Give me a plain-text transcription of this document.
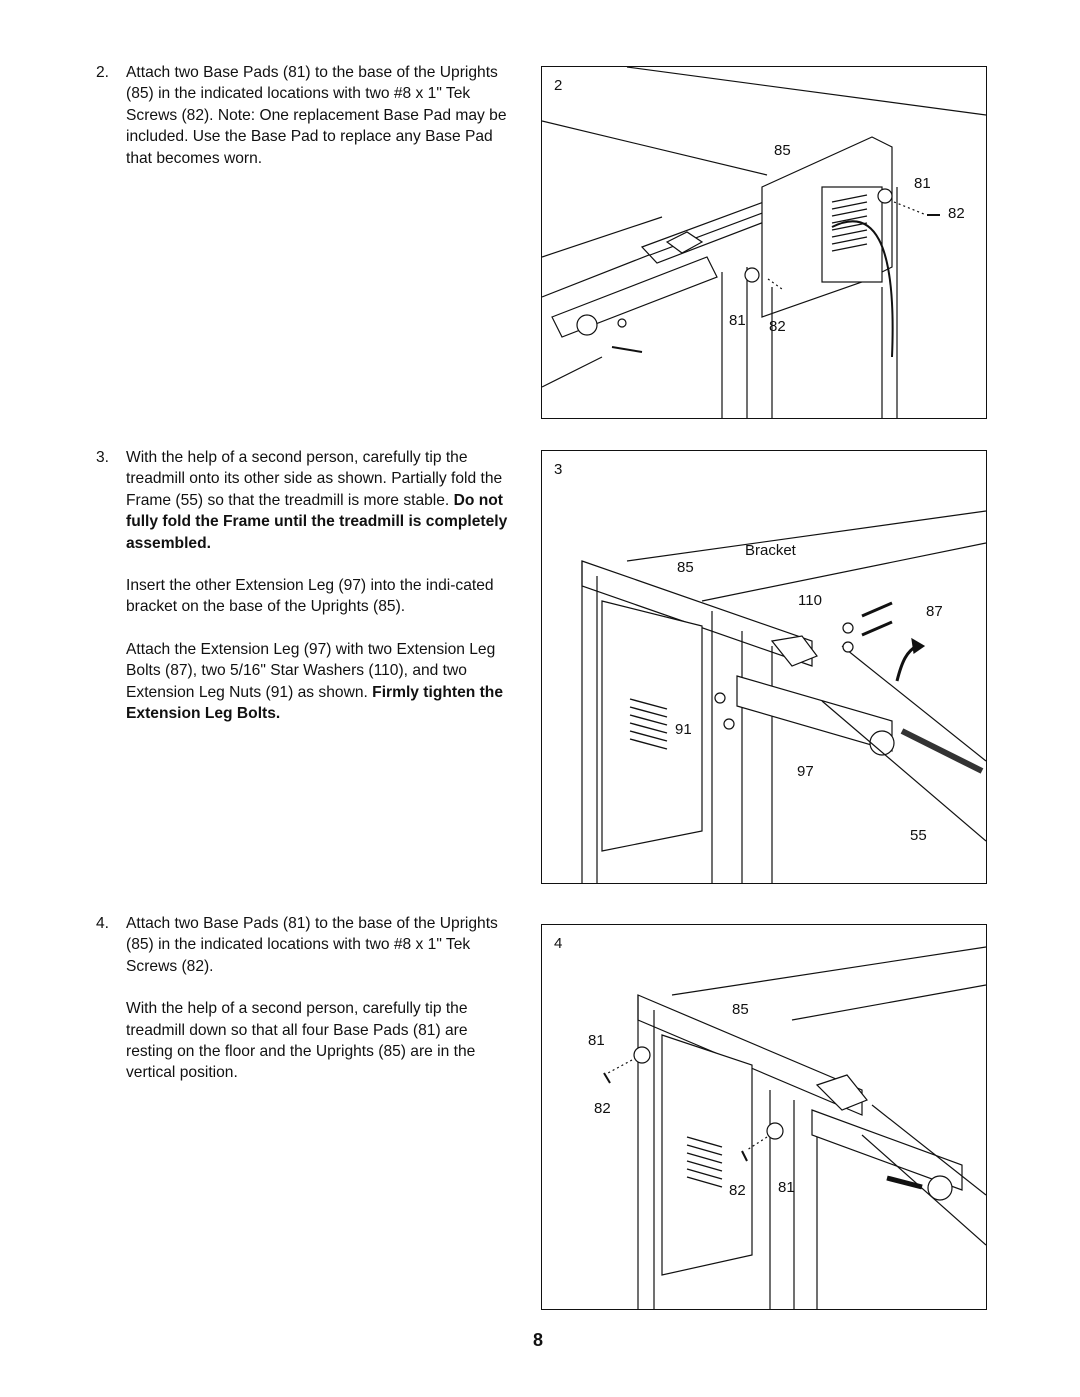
2. Attach two Base Pads (81) to the base of the Uprights (85) in the indicated locations with two #8 x 1" Tek Screws (82). Note: One replacement Base Pad may be included. Use the Base Pad to replace any Base Pad that becomes worn.

3. With the help of a second person, carefully tip the treadmill onto its other side as shown. Partially fold the Frame (55) so that the treadmill is more stable. Do not fully fold the Frame until the treadmill is completely assembled.

Insert the other Extension Leg (97) into the indi-cated bracket on the base of the Uprights (85).

Attach the Extension Leg (97) with two Extension Leg Bolts (87), two 5/16" Star Washers (110), and two Extension Leg Nuts (91) as shown. Firmly tighten the Extension Leg Bolts.

4. Attach two Base Pads (81) to the base of the Uprights (85) in the indicated locations with two #8 x 1" Tek Screws (82).

With the help of a second person, carefully tip the treadmill down so that all four Base Pads (81) are resting on the floor and the Uprights (85) are in the vertical position.

2
85
81
82
81 82
3
Bracket
85
110
87
91
97
55
4
85
81
82
82 81
8
